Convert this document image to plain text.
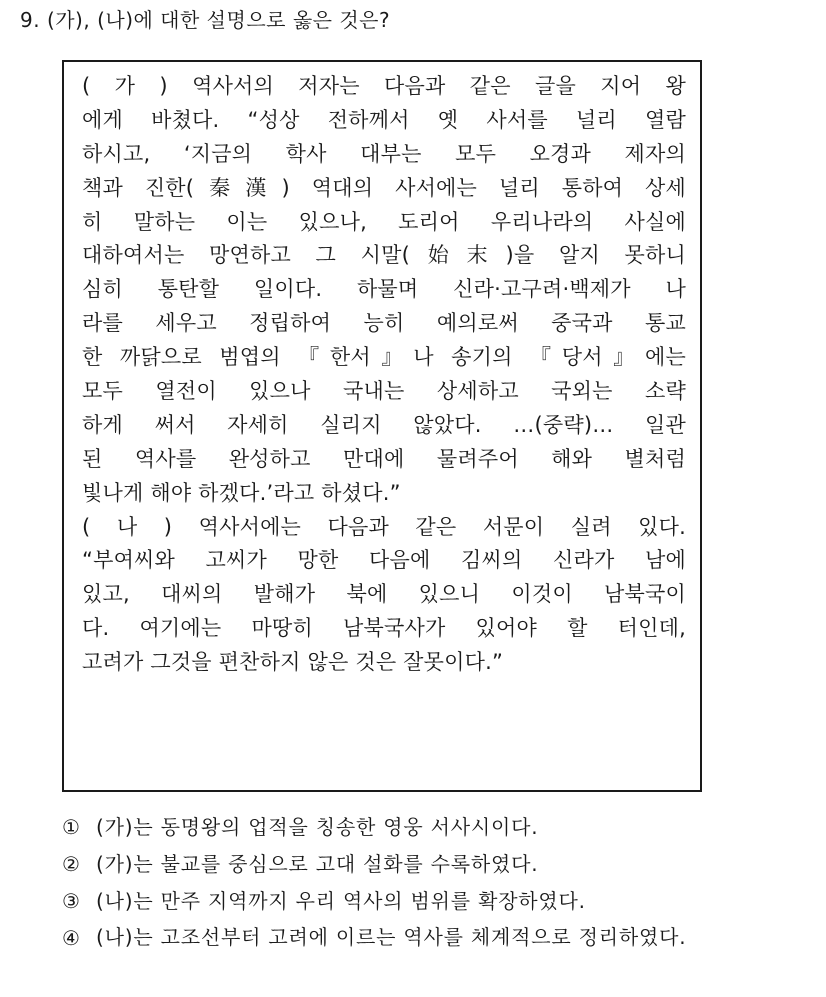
9. (가), (나)에 대한 설명으로 옳은 것은?
( 가 ) 역사서의 저자는 다음과 같은 글을 지어 왕
에게 바쳤다. “성상 전하께서 옛 사서를 널리 열람
하시고, ‘지금의 학사 대부는 모두 오경과 제자의
책과 진한(秦漢) 역대의 사서에는 널리 통하여 상세
히 말하는 이는 있으나, 도리어 우리나라의 사실에
대하여서는 망연하고 그 시말(始末)을 알지 못하니
심히 통탄할 일이다. 하물며 신라·고구려·백제가 나
라를 세우고 정립하여 능히 예의로써 중국과 통교
한 까닭으로 범엽의 『한서』나 송기의 『당서』에는
모두 열전이 있으나 국내는 상세하고 국외는 소략
하게 써서 자세히 실리지 않았다. …(중략)… 일관
된 역사를 완성하고 만대에 물려주어 해와 별처럼
빛나게 해야 하겠다.’라고 하셨다.”
( 나 ) 역사서에는 다음과 같은 서문이 실려 있다.
“부여씨와 고씨가 망한 다음에 김씨의 신라가 남에
있고, 대씨의 발해가 북에 있으니 이것이 남북국이
다. 여기에는 마땅히 남북국사가 있어야 할 터인데,
고려가 그것을 편찬하지 않은 것은 잘못이다.”
① (가)는 동명왕의 업적을 칭송한 영웅 서사시이다.
② (가)는 불교를 중심으로 고대 설화를 수록하였다.
③ (나)는 만주 지역까지 우리 역사의 범위를 확장하였다.
④ (나)는 고조선부터 고려에 이르는 역사를 체계적으로 정리하였다.
